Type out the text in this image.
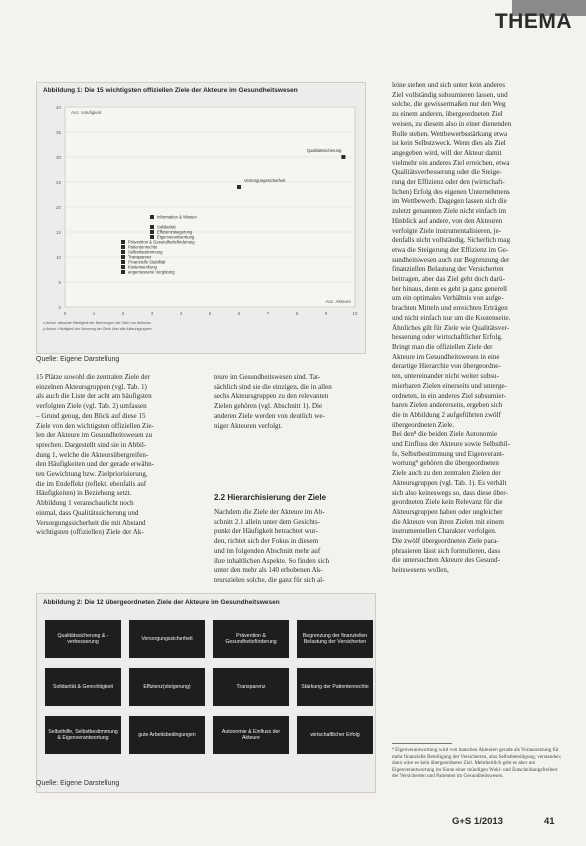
THEMA
Abbildung 1: Die 15 wichtigsten offiziellen Ziele der Akteure im Gesundheitswesen
0
5
10
15
20
25
30
35
40
0	1	2	3	4	5	6	7	8	9	10
Anz. Häufigkeit
Anz. Akteure
Qualitätssicherung
Versorgungssicherheit
Information & Wissen
Solidarität
Effizienzsteigerung
Eigenverantwortung
Prävention & Gesundheitsförderung
Patientenrechte
Selbstbestimmung
Transparenz
Finanzielle Stabilität
Kostensenkung
angemessene Vergütung
x-Achse: absolute Häufigkeit der Nennungen der Ziele von Akteuren
y-Achse: Häufigkeit der Nennung der Ziele über alle Akteursgruppen
Quelle: Eigene Darstellung
15 Plätze sowohl die zentralen Ziele der
einzelnen Akteursgruppen (vgl. Tab. 1)
als auch die Liste der acht am häufigsten
verfolgten Ziele (vgl. Tab. 2) umfassen
– Grund genug, den Blick auf diese 15
Ziele von den wichtigsten offiziellen Zie-
len der Akteure im Gesundheitswesen zu
sprechen. Dargestellt sind sie in Abbil-
dung 1, welche die Akteursübergreifen-
den Häufigkeiten und der gerade erwähn-
ten Gewichtung bzw. Zielpriorisierung,
die im Endeffekt (reflekt. ebenfalls auf
Häufigkeiten) in Beziehung setzt.
Abbildung 1 veranschaulicht noch
einmal, dass Qualitätssicherung und
Versorgungssicherheit die mit Abstand
wichtigsten (offiziellen) Ziele der Ak-
teure im Gesundheitswesen sind. Tat-
sächlich sind sie die einzigen, die in allen
sechs Akteursgruppen zu den relevanten
Zielen gehören (vgl. Abschnitt 1). Die
anderen Ziele werden von deutlich we-
niger Akteuren verfolgt.
2.2 Hierarchisierung der Ziele
Nachdem die Ziele der Akteure im Ab-
schnitt 2.1 allein unter dem Gesichts-
punkt der Häufigkeit betrachtet wur-
den, richtet sich der Fokus in diesem
und im folgenden Abschnitt mehr auf
ihre inhaltlichen Aspekte. So finden sich
unter den mehr als 140 erhobenen Ak-
teurszielen solche, die ganz für sich al-
leine stehen und sich unter kein anderes
Ziel vollständig subsumieren lassen, und
solche, die gewissermaßen nur den Weg
zu einem anderen, übergeordneten Ziel
weisen, zu diesem also in einer dienenden
Rolle stehen. Wettbewerbsstärkung etwa
ist kein Selbstzweck. Wenn dies als Ziel
angegeben wird, will der Akteur damit
vielmehr ein anderes Ziel erreichen, etwa
Qualitätsverbesserung oder die Steige-
rung der Effizienz oder den (wirtschaft-
lichen) Erfolg des eigenen Unternehmens
im Wettbewerb. Dagegen lassen sich die
zuletzt genannten Ziele nicht einfach im
Hinblick auf andere, von den Akteuren
verfolgte Ziele instrumentalisieren, je-
denfalls nicht vollständig. Sicherlich mag
etwa die Steigerung der Effizienz im Ge-
sundheitswesen auch zur Begrenzung der
finanziellen Belastung der Versicherten
beitragen, aber das Ziel geht doch darü-
ber hinaus, denn es geht ja ganz generell
um ein optimales Verhältnis von aufge-
brachten Mitteln und erreichten Erträgen
und nicht einfach nur um die Kostenseite.
Ähnliches gilt für Ziele wie Qualitätsver-
besserung oder wirtschaftlicher Erfolg.
Bringt man die offiziellen Ziele der
Akteure im Gesundheitswesen in eine
derartige Hierarchie von übergeordne-
ten, untereinander nicht weiter subsu-
mierbaren Zielen einerseits und unterge-
ordneten, in ein anderes Ziel subsumier-
baren Zielen andererseits, ergeben sich
die in Abbildung 2 aufgeführten zwölf
übergeordneten Ziele.
Bei den⁸ die beiden Ziele Autonomie
und Einfluss der Akteure sowie Selbsthil-
fe, Selbstbestimmung und Eigenverant-
wortung⁹ gehören die übergeordneten
Ziele auch zu den zentralen Zielen der
Akteursgruppen (vgl. Tab. 1). Es verhält
sich also keineswegs so, dass diese über-
geordneten Ziele kein Relevanz für die
Akteursgruppen haben oder ungleicher
die Akteure von ihren Zielen mit einem
instrumentellen Charakter verfolgen.
Die zwölf übergeordneten Ziele para-
phrasieren lässt sich formulieren, dass
die untersuchten Akteure des Gesund-
heitswesens wollen,
Abbildung 2: Die 12 übergeordneten Ziele der Akteure im Gesundheitswesen
Qualitätssicherung & -verbesserung
Versorgungssicherheit
Prävention & Gesundheitsförderung
Begrenzung der finanziellen Belastung der Versicherten
Solidarität & Gerechtigkeit	Effizienz(steigerung)	Transparenz	Stärkung der Patientenrechte
Selbsthilfe, Selbstbestimmung & Eigenverantwortung
gute Arbeitsbedingungen
Autonomie & Einfluss der Akteure
wirtschaftlicher Erfolg
Quelle: Eigene Darstellung
⁸ Eigenverantwortung wird von manchen Akteuren gerade als Voraussetzung für mehr finanzielle Beteiligung der Versicherten, also Selbstbeteiligung, verstanden; dann wäre es kein übergeordnetes Ziel. Mehrheitlich geht es aber um Eigenverantwortung im Sinne einer mündigen Wahl- und Entscheidungsfreiheit der Versicherten und Patienten im Gesundheitswesen.
G+S 1/2013	41
